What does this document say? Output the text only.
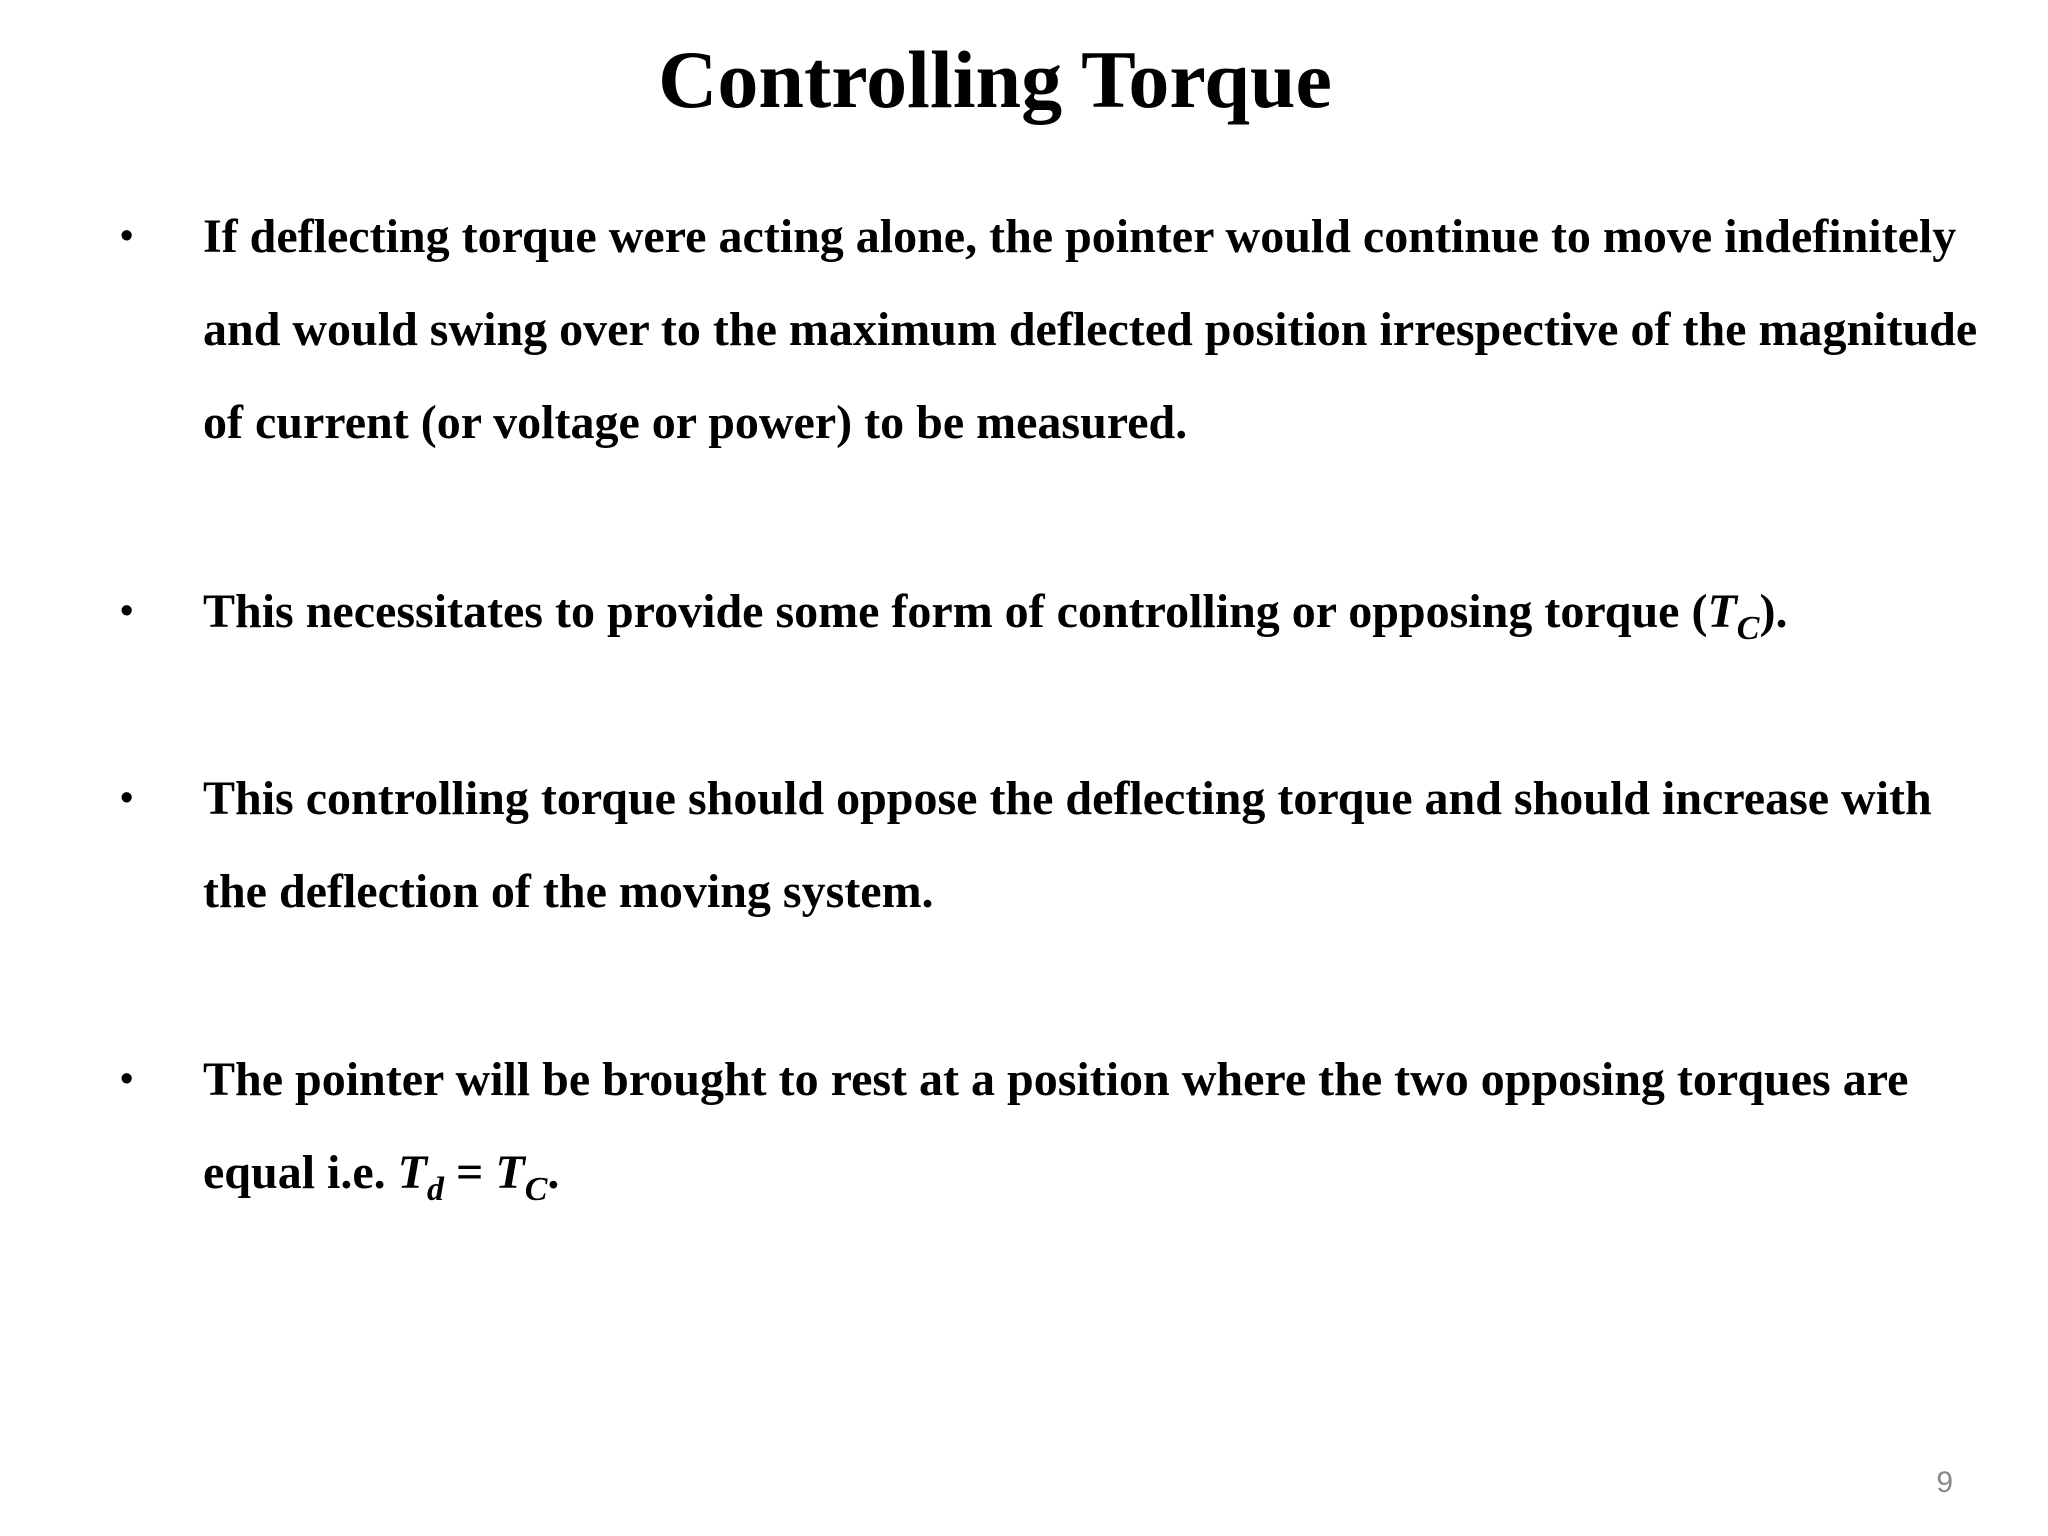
Controlling Torque
• If deflecting torque were acting alone, the pointer would continue to move indefinitely and would swing over to the maximum deflected position irrespective of the magnitude of current (or voltage or power) to be measured.

• This necessitates to provide some form of controlling or opposing torque $(T_C)$.

• This controlling torque should oppose the deflecting torque and should increase with the deflection of the moving system.

• The pointer will be brought to rest at a position where the two opposing torques are equal i.e. $T_d = T_C$.

9
